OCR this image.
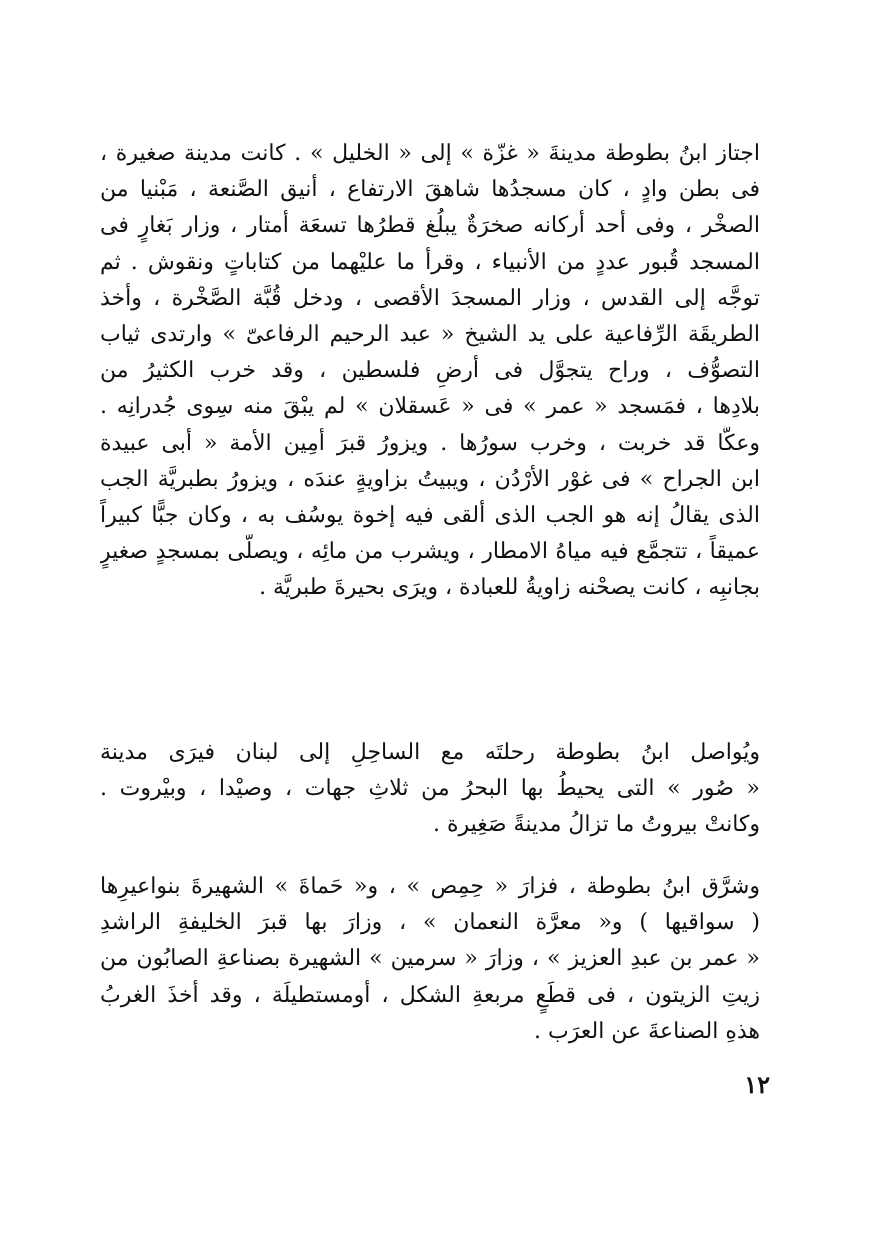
اجتاز ابنُ بطوطة مدينةَ « غزّة » إلى « الخليل » . كانت مدينة صغيرة ،
فى بطن وادٍ ، كان مسجدُها شاهقَ الارتفاع ، أنيق الصَّنعة ، مَبْنيا من
الصخْر ، وفى أحد أركانه صخرَةٌ يبلُغ قطرُها تسعَة أمتار ، وزار بَغارٍ فى
المسجد قُبور عددٍ من الأنبياء ، وقرأ ما عليْهما من كتاباتٍ ونقوش . ثم
توجَّه إلى القدس ، وزار المسجدَ الأقصى ، ودخل قُبَّة الصَّخْرة ، وأخذ
الطريقَة الرِّفاعية على يد الشيخ « عبد الرحيم الرفاعىّ » وارتدى ثياب
التصوُّف ، وراح يتجوَّل فى أرضِ فلسطين ، وقد خرب الكثيرُ من
بلادِها ، فمَسجد « عمر » فى « عَسقلان » لم يبْقَ منه سِوى جُدرانِه .
وعكَّا قد خربت ، وخرب سورُها . ويزورُ قبرَ أمِين الأمة « أبى عبيدة
ابن الجراح » فى غوْر الأرْدُن ، ويبيتُ بزاويةٍ عندَه ، ويزورُ بطبريَّة الجب
الذى يقالُ إنه هو الجب الذى ألقى فيه إخوة يوسُف به ، وكان جبًّا كبيراً
عميقاً ، تتجمَّع فيه مياهُ الامطار ، ويشرب من مائِه ، ويصلّى بمسجدٍ صغيرٍ
بجانبِه ، كانت يصحْنه زاويةُ للعبادة ، ويرَى بحيرةَ طبريَّة .
ويُواصل ابنُ بطوطة رحلتَه مع الساحِلِ إلى لبنان فيرَى مدينة
« صُور » التى يحيطُ بها البحرُ من ثلاثِ جهات ، وصيْدا ، وبيْروت .
وكانتْ بيروتُ ما تزالُ مدينةً صَغِيرة .
وشرَّق ابنُ بطوطة ، فزارَ « حِمِص » ، و« حَماةَ » الشهيرةَ بنواعيرِها
( سواقيها ) و« معرَّة النعمان » ، وزارَ بها قبرَ الخليفةِ الراشدِ
« عمر بن عبدِ العزيز » ، وزارَ « سرمين » الشهيرة بصناعةِ الصابُون من
زيتِ الزيتون ، فى قطَعٍ مربعةِ الشكل ، أومستطيلَة ، وقد أخذَ الغربُ
هذهِ الصناعةَ عن العرَب .
١٢
